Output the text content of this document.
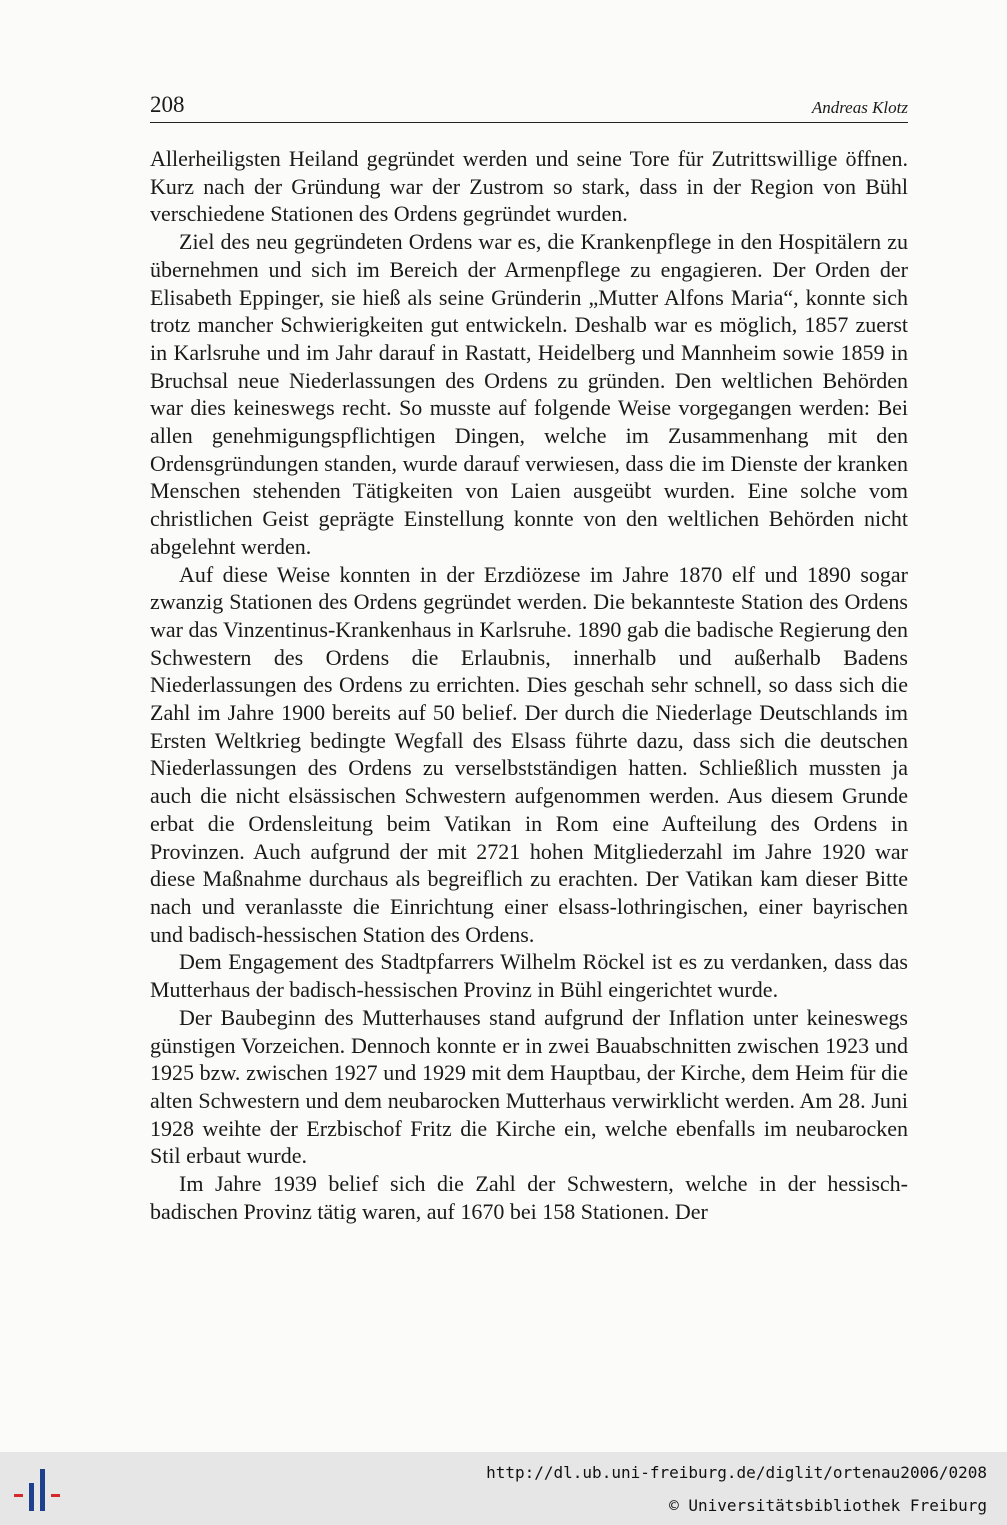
208	Andreas Klotz

Allerheiligsten Heiland gegründet werden und seine Tore für Zutrittswillige öffnen. Kurz nach der Gründung war der Zustrom so stark, dass in der Region von Bühl verschiedene Stationen des Ordens gegründet wurden.

Ziel des neu gegründeten Ordens war es, die Krankenpflege in den Hospitälern zu übernehmen und sich im Bereich der Armenpflege zu engagieren. Der Orden der Elisabeth Eppinger, sie hieß als seine Gründerin „Mutter Alfons Maria“, konnte sich trotz mancher Schwierigkeiten gut entwickeln. Deshalb war es möglich, 1857 zuerst in Karlsruhe und im Jahr darauf in Rastatt, Heidelberg und Mannheim sowie 1859 in Bruchsal neue Niederlassungen des Ordens zu gründen. Den weltlichen Behörden war dies keineswegs recht. So musste auf folgende Weise vorgegangen werden: Bei allen genehmigungspflichtigen Dingen, welche im Zusammenhang mit den Ordensgründungen standen, wurde darauf verwiesen, dass die im Dienste der kranken Menschen stehenden Tätigkeiten von Laien ausgeübt wurden. Eine solche vom christlichen Geist geprägte Einstellung konnte von den weltlichen Behörden nicht abgelehnt werden.

Auf diese Weise konnten in der Erzdiözese im Jahre 1870 elf und 1890 sogar zwanzig Stationen des Ordens gegründet werden. Die bekannteste Station des Ordens war das Vinzentinus-Krankenhaus in Karlsruhe. 1890 gab die badische Regierung den Schwestern des Ordens die Erlaubnis, innerhalb und außerhalb Badens Niederlassungen des Ordens zu errichten. Dies geschah sehr schnell, so dass sich die Zahl im Jahre 1900 bereits auf 50 belief. Der durch die Niederlage Deutschlands im Ersten Weltkrieg bedingte Wegfall des Elsass führte dazu, dass sich die deutschen Niederlassungen des Ordens zu verselbstständigen hatten. Schließlich mussten ja auch die nicht elsässischen Schwestern aufgenommen werden. Aus diesem Grunde erbat die Ordensleitung beim Vatikan in Rom eine Aufteilung des Ordens in Provinzen. Auch aufgrund der mit 2721 hohen Mitgliederzahl im Jahre 1920 war diese Maßnahme durchaus als begreiflich zu erachten. Der Vatikan kam dieser Bitte nach und veranlasste die Einrichtung einer elsass-lothringischen, einer bayrischen und badisch-hessischen Station des Ordens.

Dem Engagement des Stadtpfarrers Wilhelm Röckel ist es zu verdanken, dass das Mutterhaus der badisch-hessischen Provinz in Bühl eingerichtet wurde.

Der Baubeginn des Mutterhauses stand aufgrund der Inflation unter keineswegs günstigen Vorzeichen. Dennoch konnte er in zwei Bauabschnitten zwischen 1923 und 1925 bzw. zwischen 1927 und 1929 mit dem Hauptbau, der Kirche, dem Heim für die alten Schwestern und dem neubarocken Mutterhaus verwirklicht werden. Am 28. Juni 1928 weihte der Erzbischof Fritz die Kirche ein, welche ebenfalls im neubarocken Stil erbaut wurde.

Im Jahre 1939 belief sich die Zahl der Schwestern, welche in der hessisch-badischen Provinz tätig waren, auf 1670 bei 158 Stationen. Der

http://dl.ub.uni-freiburg.de/diglit/ortenau2006/0208
© Universitätsbibliothek Freiburg
